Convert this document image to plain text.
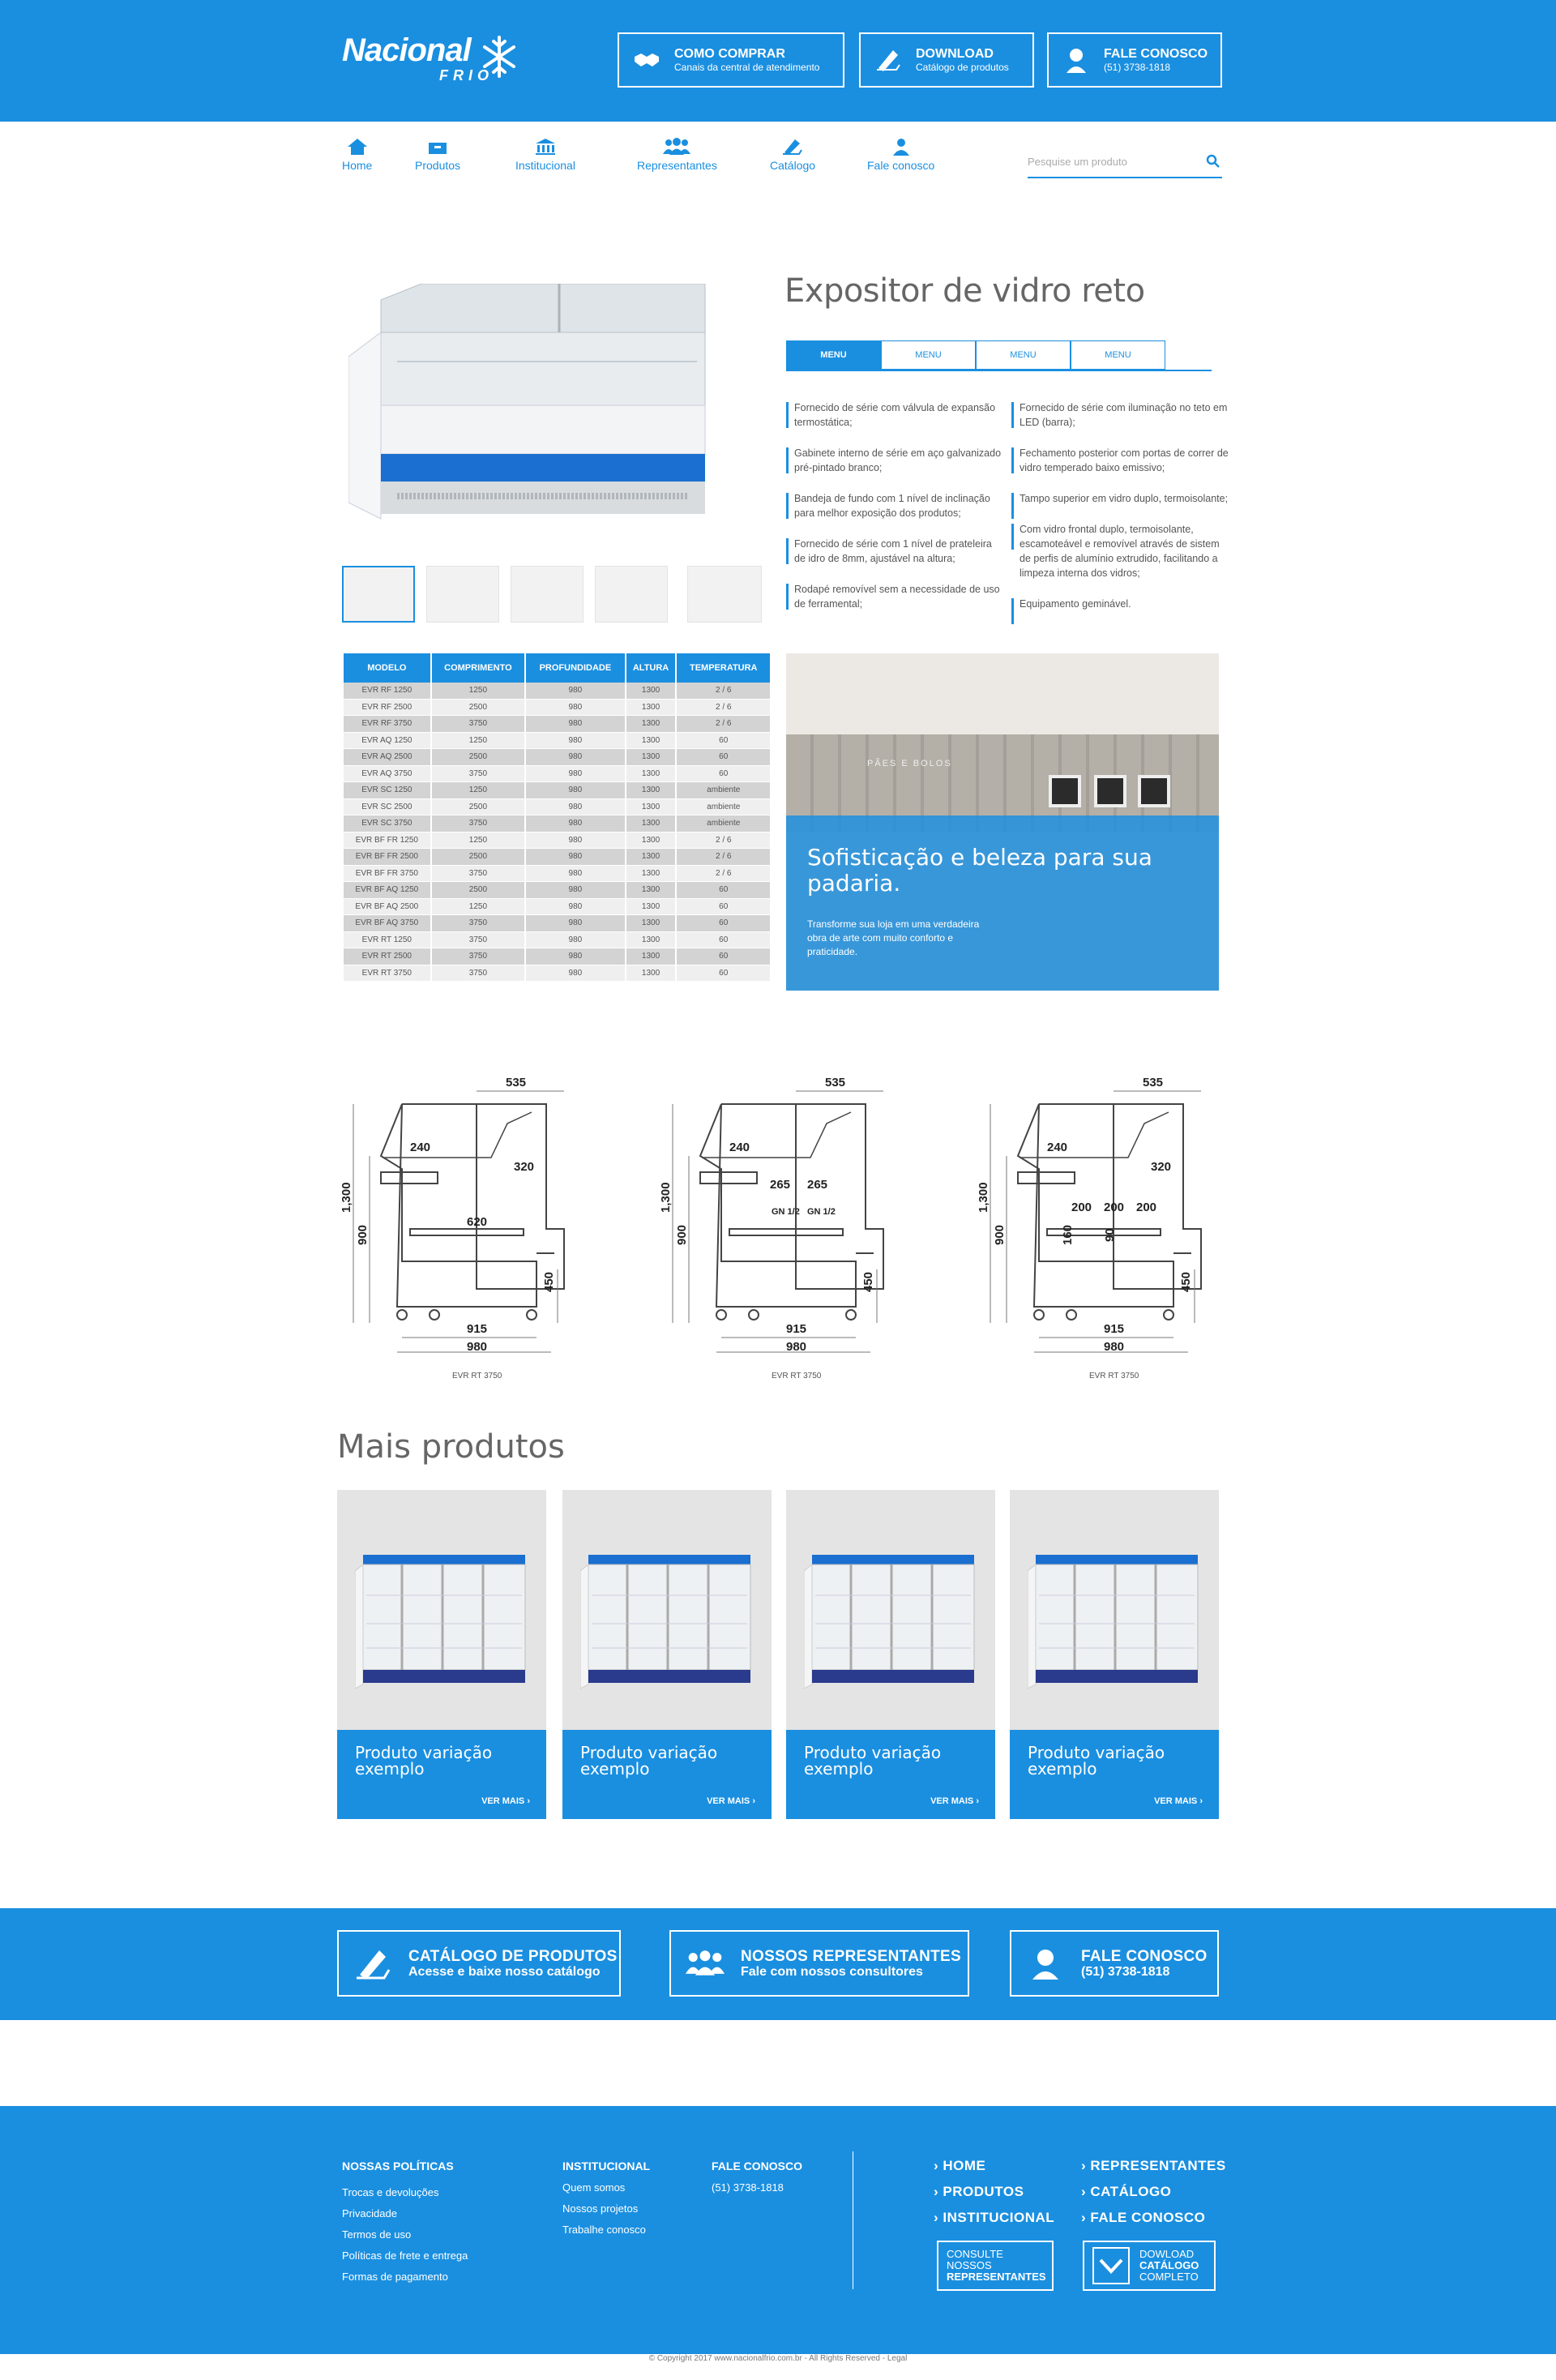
Nacional
FRIO
COMO COMPRAR
Canais da central de atendimento
DOWNLOAD
Catálogo de produtos
FALE CONOSCO
(51) 3738-1818
Home	Produtos	Institucional	Representantes	Catálogo	Fale conosco	Pesquise um produto
Expositor de vidro reto
MENU	MENU	MENU	MENU
Fornecido de série com válvula de expansão termostática;
Gabinete interno de série em aço galvanizado pré-pintado branco;
Bandeja de fundo com 1 nível de inclinação para melhor exposição dos produtos;
Fornecido de série com 1 nível de prateleira de idro de 8mm, ajustável na altura;
Rodapé removível sem a necessidade de uso de ferramental;
Fornecido de série com iluminação no teto em LED (barra);
Fechamento posterior com portas de correr de vidro temperado baixo emissivo;
Tampo superior em vidro duplo, termoisolante;
Com vidro frontal duplo, termoisolante, escamoteável e removível através de sistem de perfis de alumínio extrudido, facilitando a limpeza interna dos vidros;
Equipamento geminável.
MODELO	COMPRIMENTO	PROFUNDIDADE	ALTURA	TEMPERATURA
EVR RF 1250	1250	980	1300	2 / 6
EVR RF 2500	2500	980	1300	2 / 6
EVR RF 3750	3750	980	1300	2 / 6
EVR AQ 1250	1250	980	1300	60
EVR AQ 2500	2500	980	1300	60
EVR AQ 3750	3750	980	1300	60
EVR SC 1250	1250	980	1300	ambiente
EVR SC 2500	2500	980	1300	ambiente
EVR SC 3750	3750	980	1300	ambiente
EVR BF FR 1250	1250	980	1300	2 / 6
EVR BF FR 2500	2500	980	1300	2 / 6
EVR BF FR 3750	3750	980	1300	2 / 6
EVR BF AQ 1250	2500	980	1300	60
EVR BF AQ 2500	1250	980	1300	60
EVR BF AQ 3750	3750	980	1300	60
EVR RT 1250	3750	980	1300	60
EVR RT 2500	3750	980	1300	60
EVR RT 3750	3750	980	1300	60
PÃES E BOLOS
Sofisticação e beleza para sua padaria.

Transforme sua loja em uma verdadeira obra de arte com muito conforto e praticidade.

535
240
320
620
1,300
900
450
915
980
EVR RT 3750
535
240
265 265
GN 1/2 GN 1/2
1,300
900
450
915
980
EVR RT 3750
535
240
320
200 200 200
160 90
1,300
900
450
915
980
EVR RT 3750
Mais produtos
Produto variação exemplo
VER MAIS ›
Produto variação exemplo
VER MAIS ›
Produto variação exemplo
VER MAIS ›
Produto variação exemplo
VER MAIS ›
CATÁLOGO DE PRODUTOS
Acesse e baixe nosso catálogo
NOSSOS REPRESENTANTES
Fale com nossos consultores
FALE CONOSCO
(51) 3738-1818
NOSSAS POLÍTICAS
Trocas e devoluções
Privacidade
Termos de uso
Políticas de frete e entrega
Formas de pagamento
INSTITUCIONAL
Quem somos
Nossos projetos
Trabalhe conosco
FALE CONOSCO
(51) 3738-1818
› HOME
› PRODUTOS
› INSTITUCIONAL
› REPRESENTANTES
› CATÁLOGO
› FALE CONOSCO
CONSULTE
NOSSOS
REPRESENTANTES
DOWLOAD
CATÁLOGO
COMPLETO
© Copyright 2017 www.nacionalfrio.com.br - All Rights Reserved - Legal
